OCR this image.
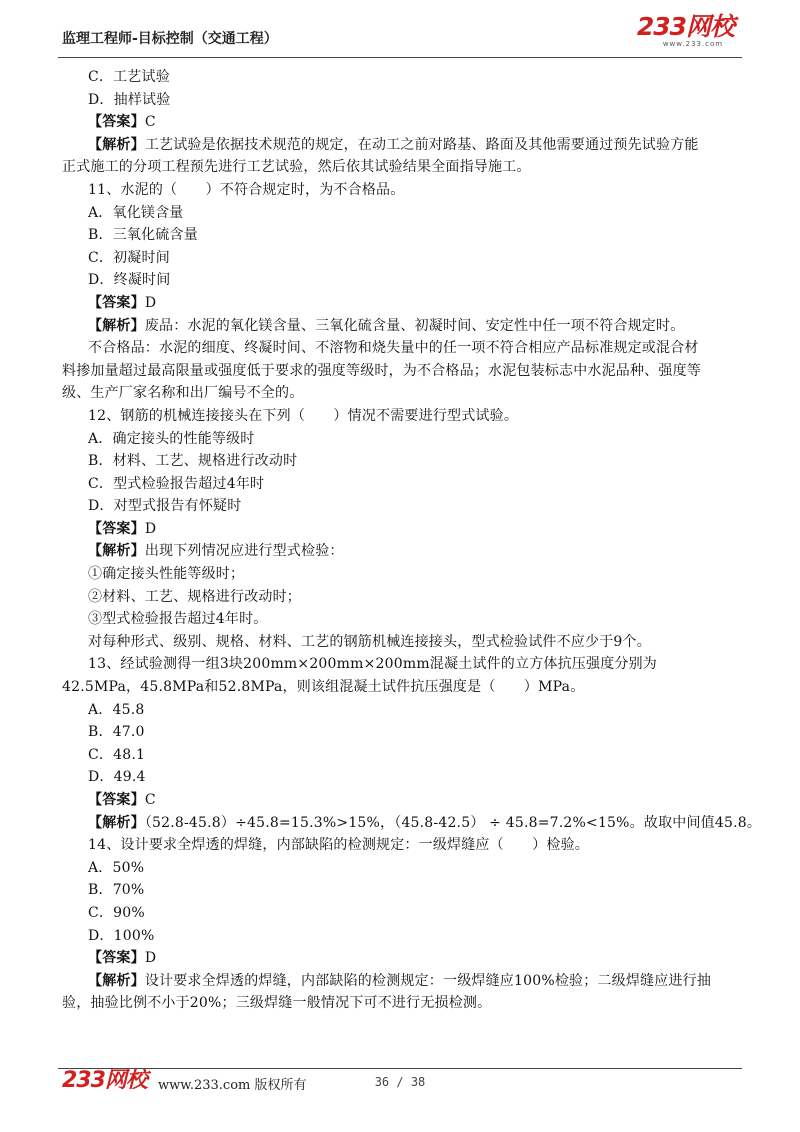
监理工程师-目标控制（交通工程）	233网校
www.233.com
C．工艺试验
D．抽样试验
【答案】C
【解析】工艺试验是依据技术规范的规定，在动工之前对路基、路面及其他需要通过预先试验方能
正式施工的分项工程预先进行工艺试验，然后依其试验结果全面指导施工。
11、水泥的（　　）不符合规定时，为不合格品。
A．氧化镁含量
B．三氧化硫含量
C．初凝时间
D．终凝时间
【答案】D
【解析】废品：水泥的氧化镁含量、三氧化硫含量、初凝时间、安定性中任一项不符合规定时。
不合格品：水泥的细度、终凝时间、不溶物和烧失量中的任一项不符合相应产品标准规定或混合材
料掺加量超过最高限量或强度低于要求的强度等级时，为不合格品；水泥包装标志中水泥品种、强度等
级、生产厂家名称和出厂编号不全的。
12、钢筋的机械连接接头在下列（　　）情况不需要进行型式试验。
A．确定接头的性能等级时
B．材料、工艺、规格进行改动时
C．型式检验报告超过4年时
D．对型式报告有怀疑时
【答案】D
【解析】出现下列情况应进行型式检验：
①确定接头性能等级时；
②材料、工艺、规格进行改动时；
③型式检验报告超过4年时。
对每种形式、级别、规格、材料、工艺的钢筋机械连接接头，型式检验试件不应少于9个。
13、经试验测得一组3块200mm×200mm×200mm混凝土试件的立方体抗压强度分别为
42.5MPa，45.8MPa和52.8MPa，则该组混凝土试件抗压强度是（　　）MPa。
A．45.8
B．47.0
C．48.1
D．49.4
【答案】C
【解析】（52.8-45.8）÷45.8=15.3%>15%，（45.8-42.5） ÷ 45.8=7.2%<15%。故取中间值45.8。
14、设计要求全焊透的焊缝，内部缺陷的检测规定：一级焊缝应（　　）检验。
A．50%
B．70%
C．90%
D．100%
【答案】D
【解析】设计要求全焊透的焊缝，内部缺陷的检测规定：一级焊缝应100%检验；二级焊缝应进行抽
验，抽验比例不小于20%；三级焊缝一般情况下可不进行无损检测。
233网校 www.233.com 版权所有	36 / 38
